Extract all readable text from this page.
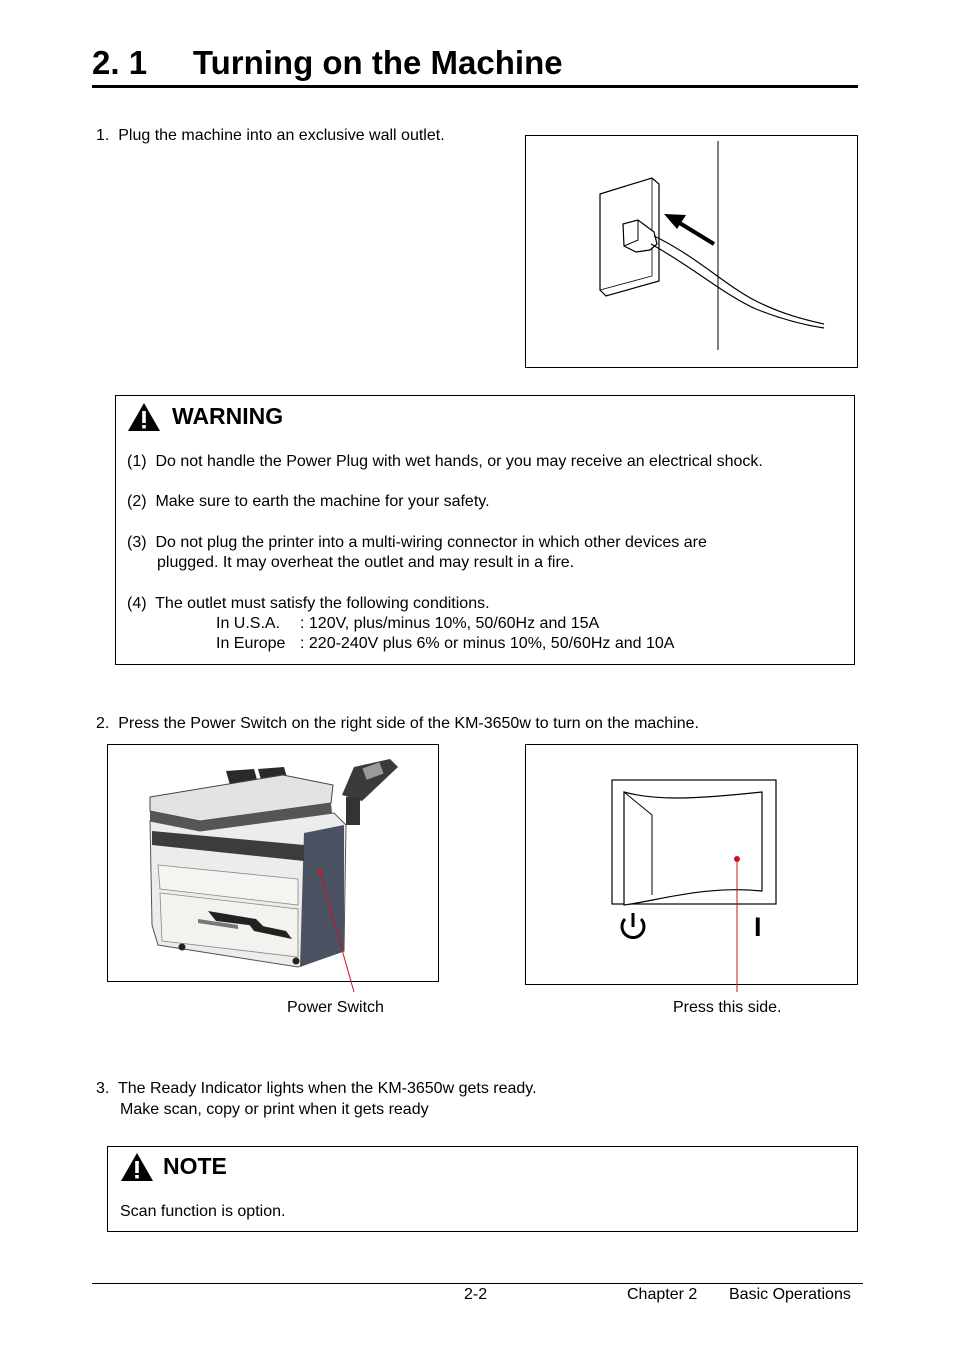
2. 1     Turning on the Machine
1.  Plug the machine into an exclusive wall outlet.
WARNING
(1)  Do not handle the Power Plug with wet hands, or you may receive an electrical shock.
(2)  Make sure to earth the machine for your safety.
(3)  Do not plug the printer into a multi-wiring connector in which other devices are
plugged. It may overheat the outlet and may result in a fire.
(4)  The outlet must satisfy the following conditions.
In U.S.A. : 120V, plus/minus 10%, 50/60Hz and 15A
In Europe : 220-240V plus 6% or minus 10%, 50/60Hz and 10A
2.  Press the Power Switch on the right side of the KM-3650w to turn on the machine.
I
Power Switch	Press this side.
3.  The Ready Indicator lights when the KM-3650w gets ready.
Make scan, copy or print when it gets ready
NOTE
Scan function is option.
2-2	Chapter 2 Basic Operations
